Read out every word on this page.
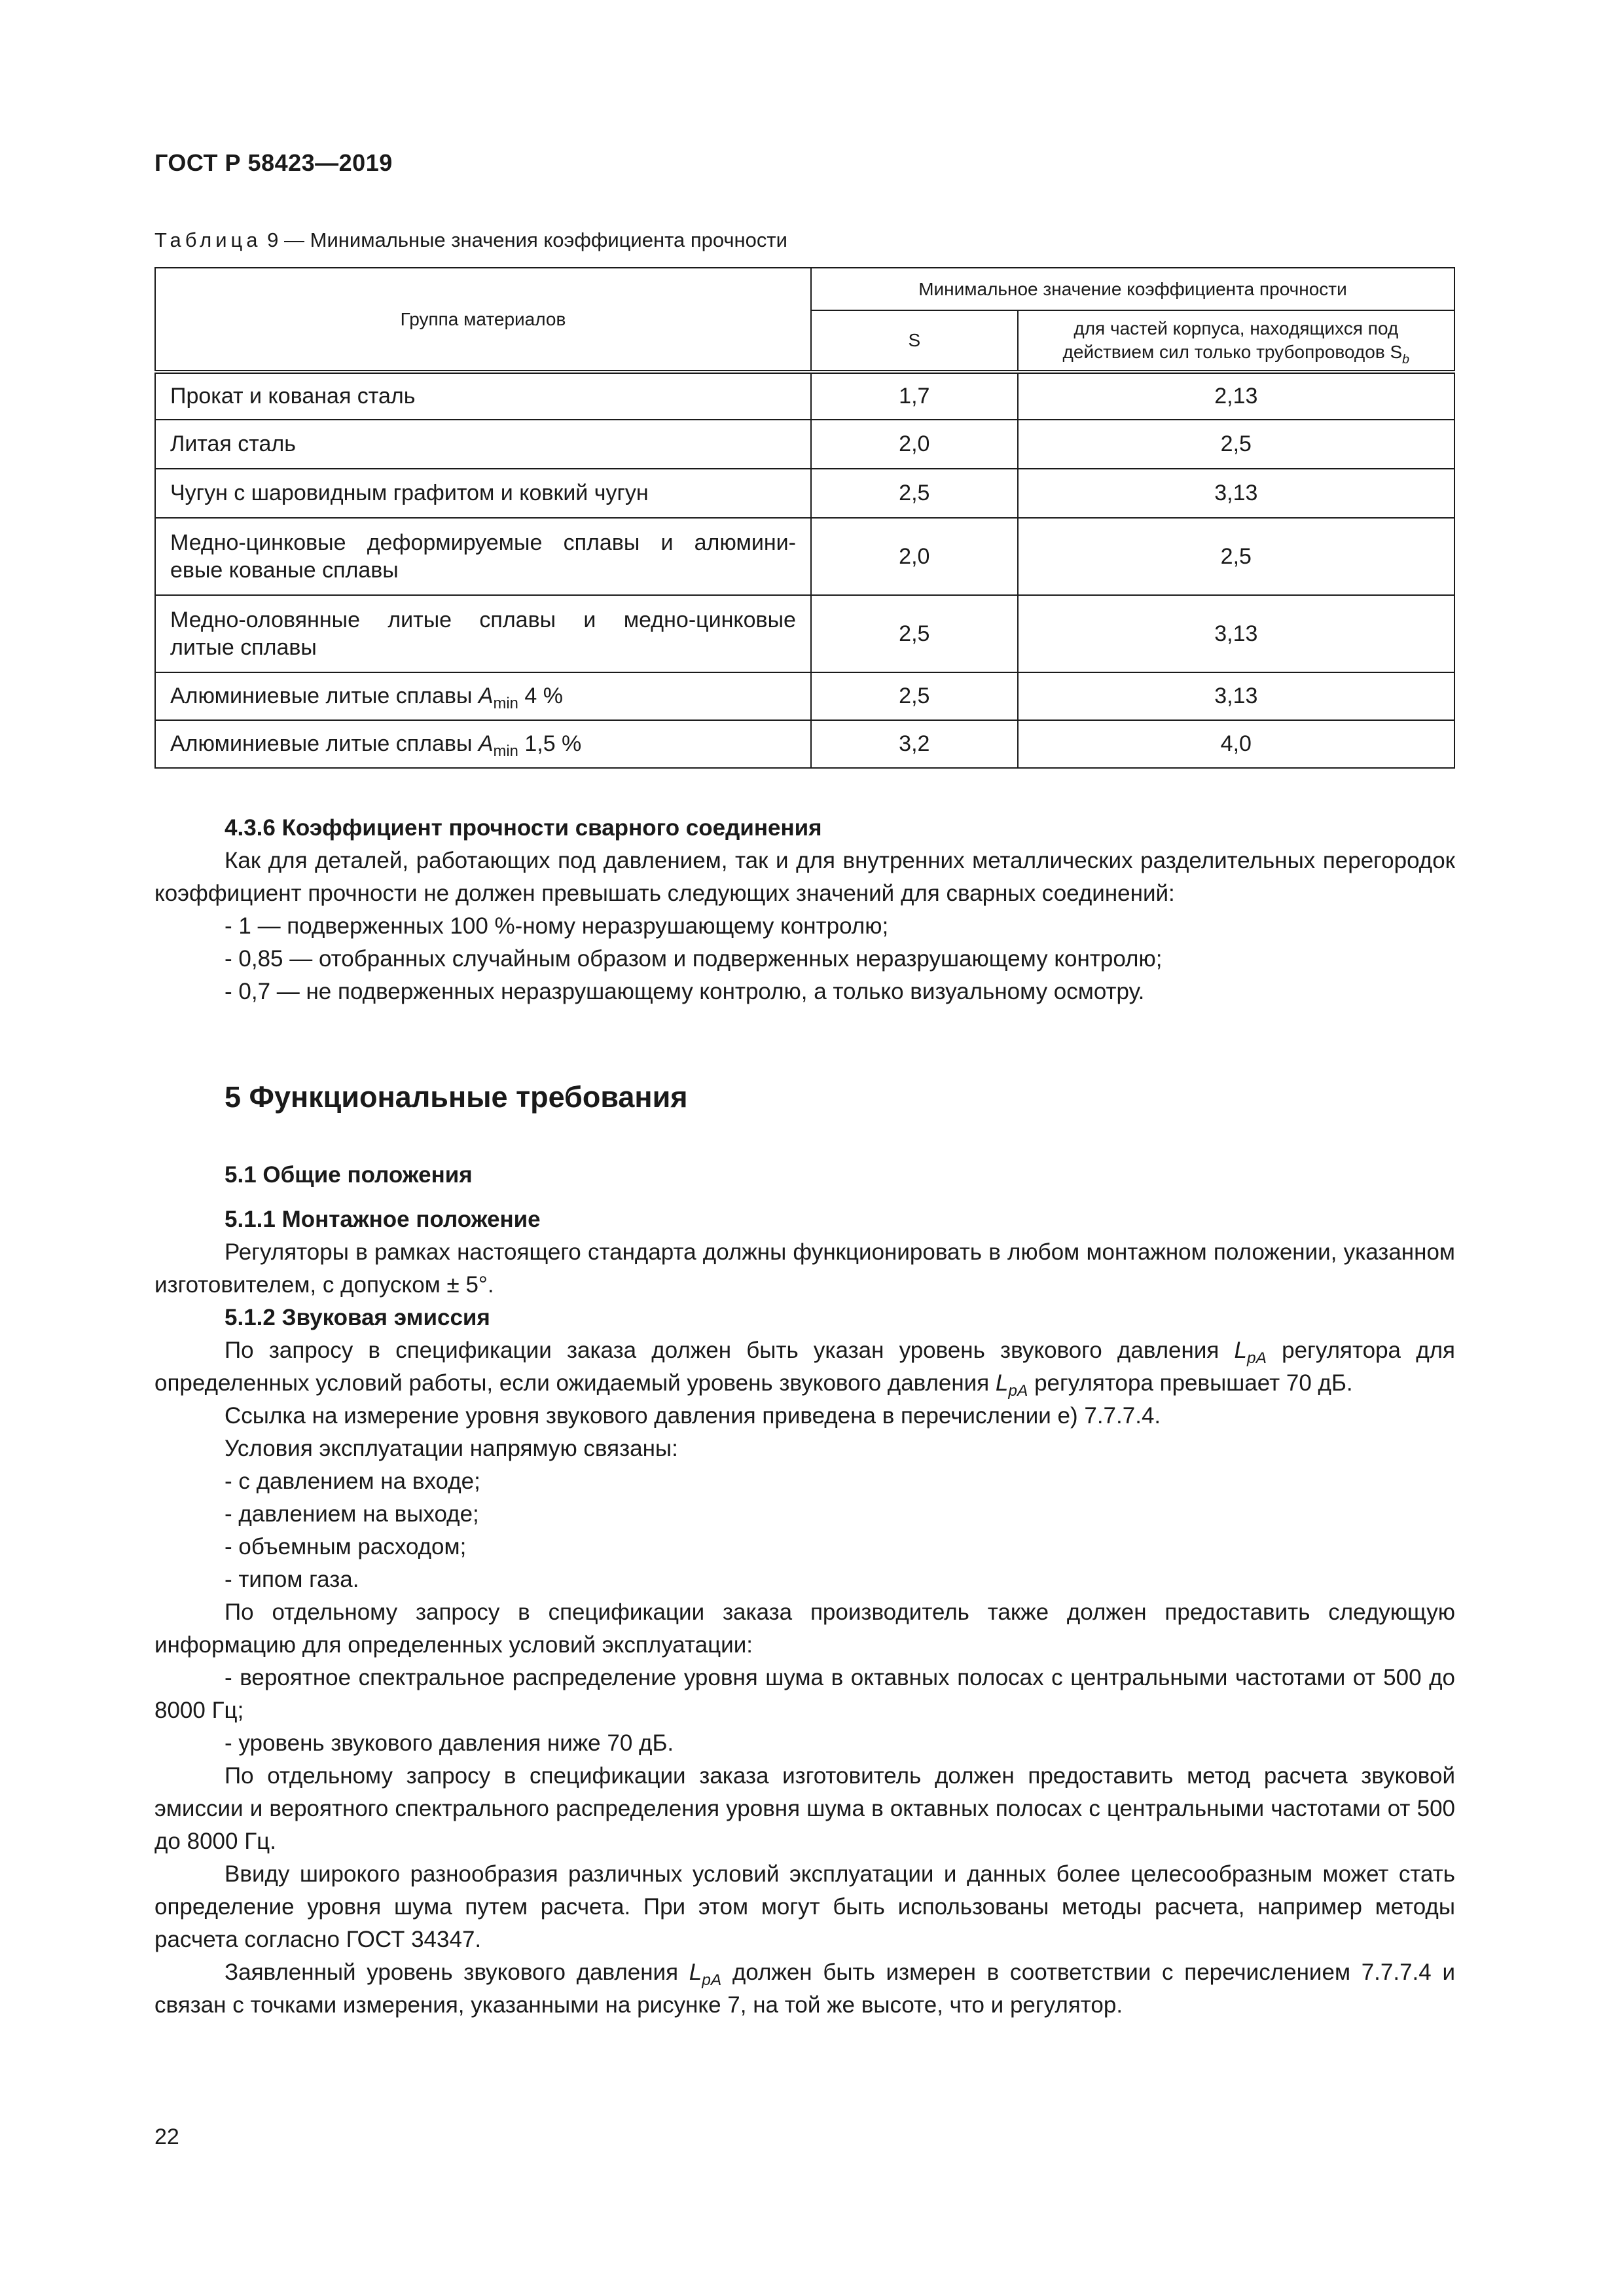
ГОСТ Р 58423—2019
Таблица 9 — Минимальные значения коэффициента прочности
Группа материалов	Минимальное значение коэффициента прочности	
	S	для частей корпуса, находящихся под
действием сил только трубопроводов $S_b$
Прокат и кованая сталь	1,7	2,13
Литая сталь	2,0	2,5
Чугун с шаровидным графитом и ковкий чугун	2,5	3,13

Медно-цинковые деформируемые сплавы и алюмини-
евые кованые сплавы	2,0	2,5

Медно-оловянные литые сплавы и медно-цинковые
литые сплавы	2,5	3,13
Алюминиевые литые сплавы $A_{min}$ 4 %	2,5	3,13
Алюминиевые литые сплавы $A_{min}$ 1,5 %	3,2	4,0

4.3.6 Коэффициент прочности сварного соединения

Как для деталей, работающих под давлением, так и для внутренних металлических разделительных перегородок коэффициент прочности не должен превышать следующих значений для сварных соединений:

- 1 — подверженных 100 %-ному неразрушающему контролю;

- 0,85 — отобранных случайным образом и подверженных неразрушающему контролю;

- 0,7 — не подверженных неразрушающему контролю, а только визуальному осмотру.

5 Функциональные требования

5.1 Общие положения

5.1.1 Монтажное положение

Регуляторы в рамках настоящего стандарта должны функционировать в любом монтажном положении, указанном изготовителем, с допуском ± 5°.

5.1.2 Звуковая эмиссия

По запросу в спецификации заказа должен быть указан уровень звукового давления $L_{pA}$ регулятора для определенных условий работы, если ожидаемый уровень звукового давления $L_{pA}$ регулятора превышает 70 дБ.

Ссылка на измерение уровня звукового давления приведена в перечислении е) 7.7.7.4.

Условия эксплуатации напрямую связаны:

- с давлением на входе;

- давлением на выходе;

- объемным расходом;

- типом газа.

По отдельному запросу в спецификации заказа производитель также должен предоставить следующую информацию для определенных условий эксплуатации:

- вероятное спектральное распределение уровня шума в октавных полосах с центральными частотами от 500 до 8000 Гц;

- уровень звукового давления ниже 70 дБ.

По отдельному запросу в спецификации заказа изготовитель должен предоставить метод расчета звуковой эмиссии и вероятного спектрального распределения уровня шума в октавных полосах с центральными частотами от 500 до 8000 Гц.

Ввиду широкого разнообразия различных условий эксплуатации и данных более целесообразным может стать определение уровня шума путем расчета. При этом могут быть использованы методы расчета, например методы расчета согласно ГОСТ 34347.

Заявленный уровень звукового давления $L_{pA}$ должен быть измерен в соответствии с перечислением 7.7.7.4 и связан с точками измерения, указанными на рисунке 7, на той же высоте, что и регулятор.

22
